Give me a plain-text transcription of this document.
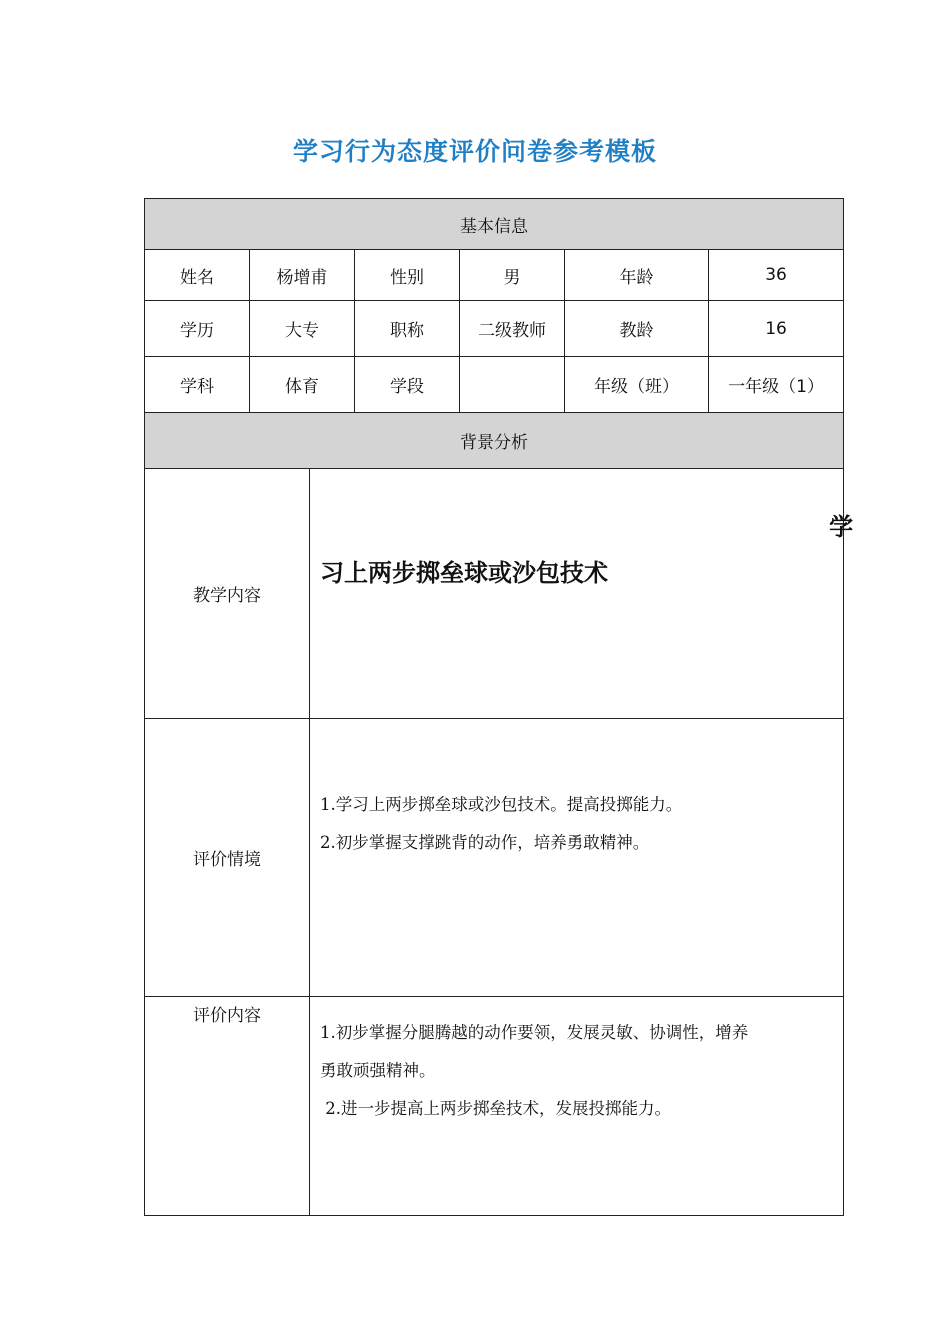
学习行为态度评价问卷参考模板
基本信息						
姓名	杨增甫		性别	男	年龄	36
学历	大专		职称	二级教师	教龄	16
学科	体育		学段		年级（班）	一年级（1）
背景分析						
教学内容		学
习上两步掷垒球或沙包技术				

评价情境		1.学习上两步掷垒球或沙包技术。提高投掷能力。
2.初步掌握支撑跳背的动作，培养勇敢精神。				

评价内容		1.初步掌握分腿腾越的动作要领，发展灵敏、协调性，增养
勇敢顽强精神。
2.进一步提高上两步掷垒技术，发展投掷能力。				
